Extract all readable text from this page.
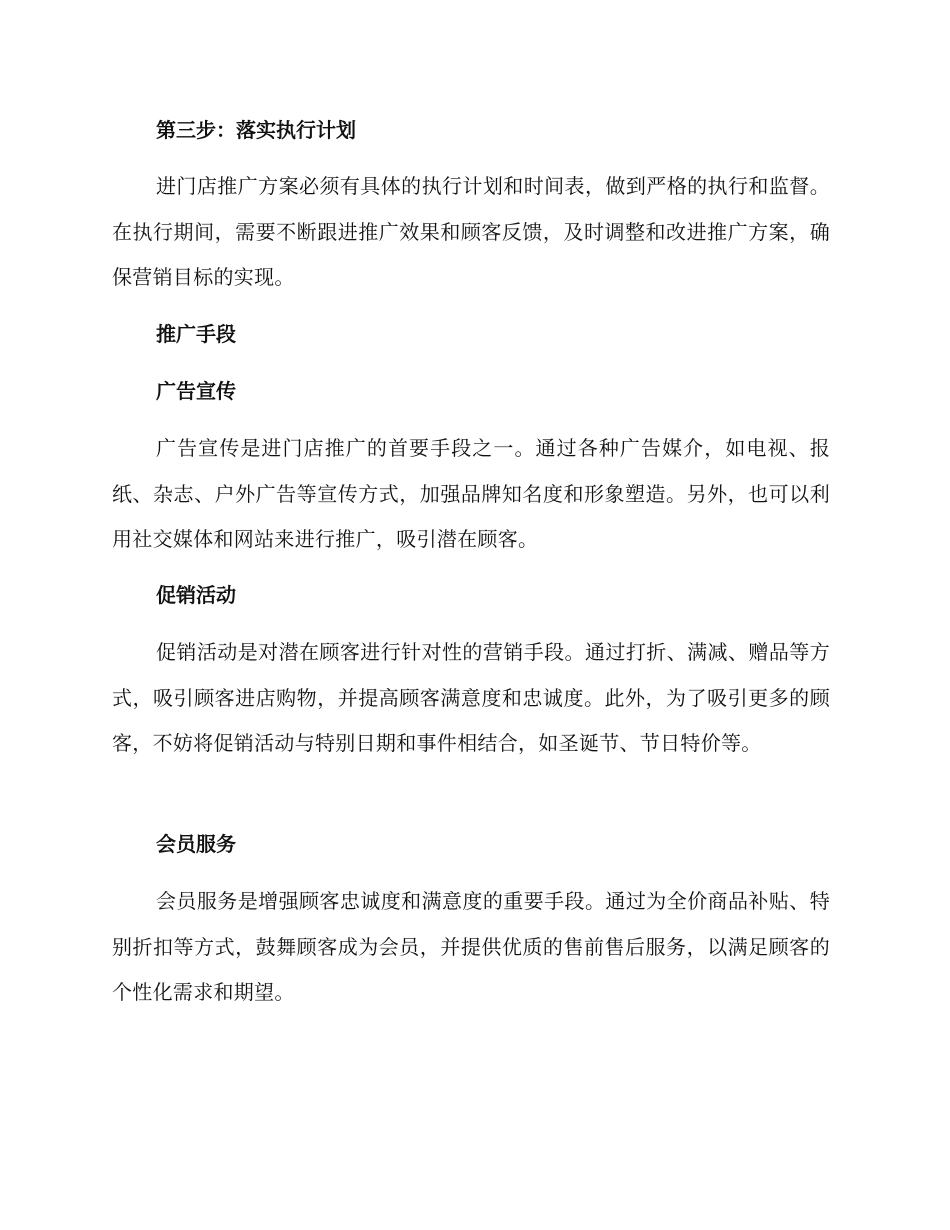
第三步：落实执行计划

进门店推广方案必须有具体的执行计划和时间表，做到严格的执行和监督。在执行期间，需要不断跟进推广效果和顾客反馈，及时调整和改进推广方案，确保营销目标的实现。

推广手段
广告宣传

广告宣传是进门店推广的首要手段之一。通过各种广告媒介，如电视、报纸、杂志、户外广告等宣传方式，加强品牌知名度和形象塑造。另外，也可以利用社交媒体和网站来进行推广，吸引潜在顾客。

促销活动

促销活动是对潜在顾客进行针对性的营销手段。通过打折、满减、赠品等方式，吸引顾客进店购物，并提高顾客满意度和忠诚度。此外，为了吸引更多的顾客，不妨将促销活动与特别日期和事件相结合，如圣诞节、节日特价等。

会员服务

会员服务是增强顾客忠诚度和满意度的重要手段。通过为全价商品补贴、特别折扣等方式，鼓舞顾客成为会员，并提供优质的售前售后服务，以满足顾客的个性化需求和期望。
